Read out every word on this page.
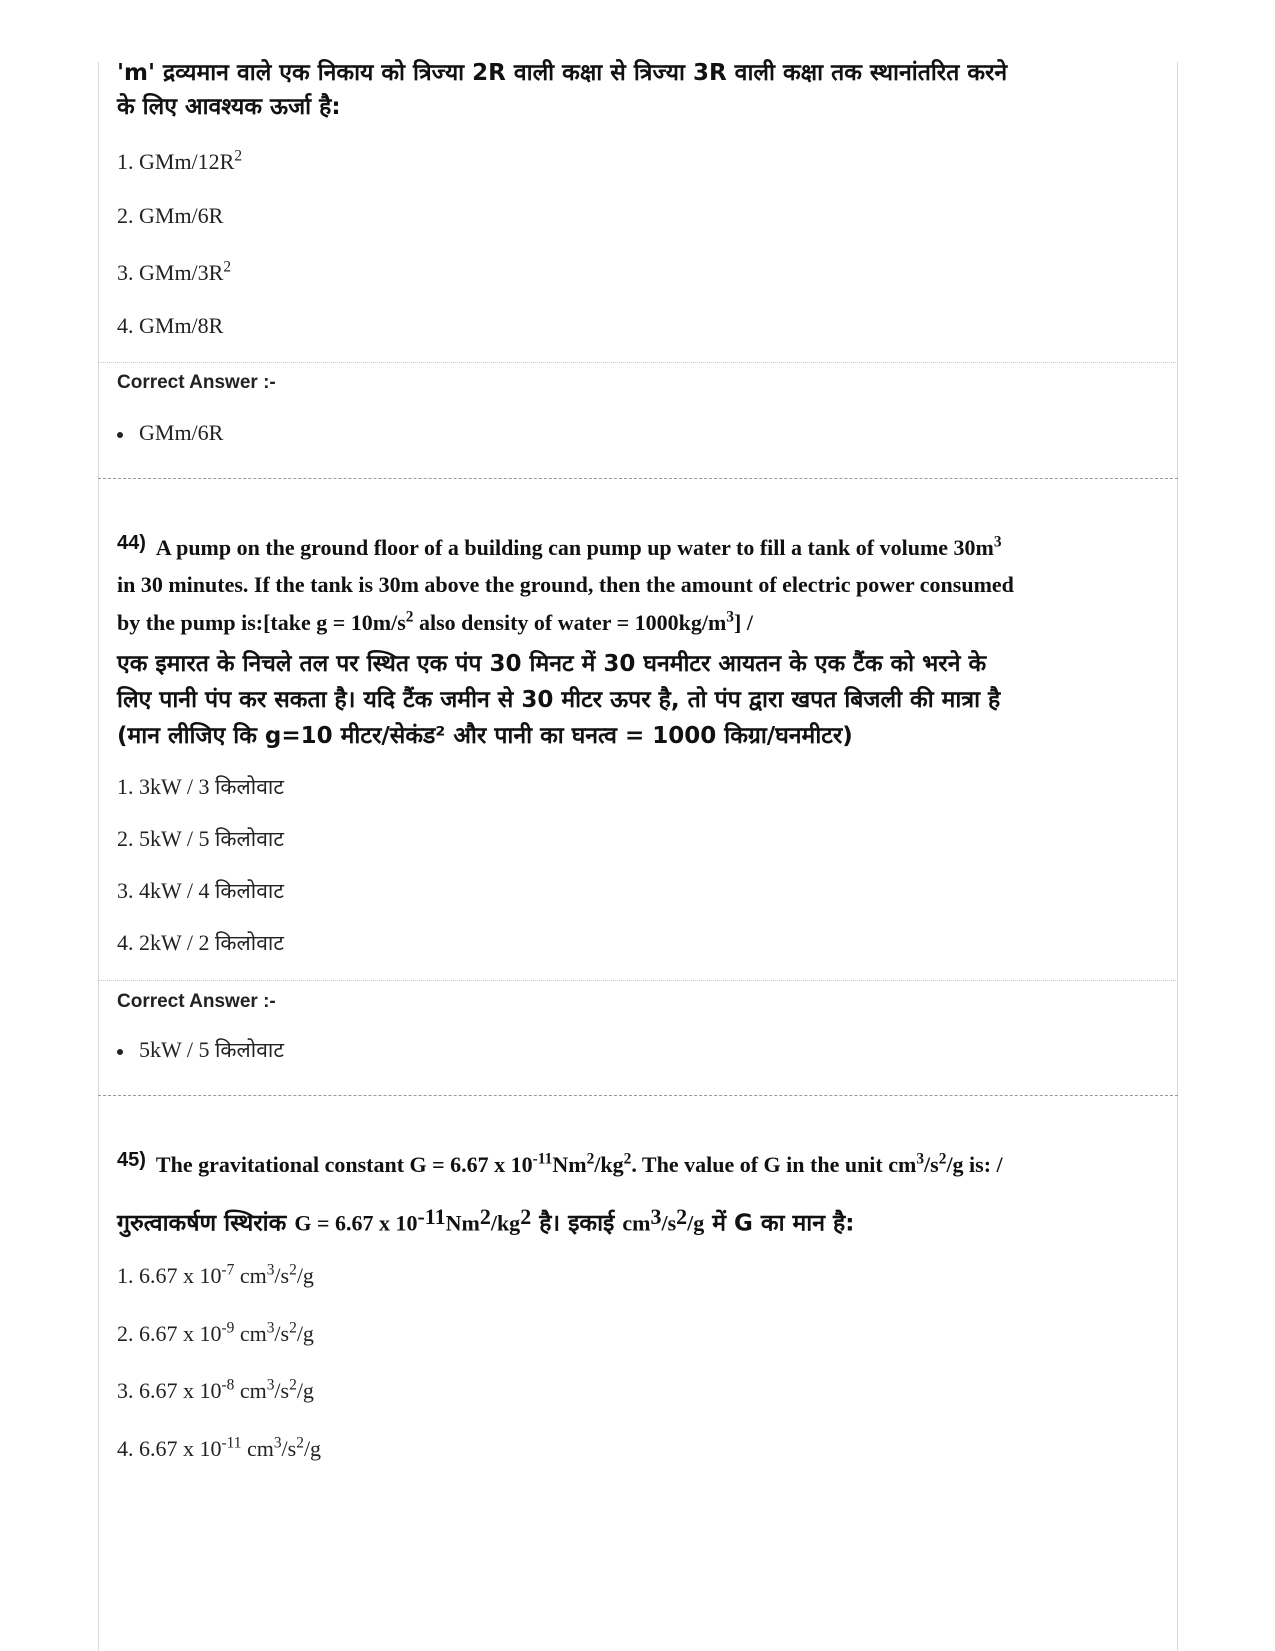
'm' द्रव्यमान वाले एक निकाय को त्रिज्या 2R वाली कक्षा से त्रिज्या 3R वाली कक्षा तक स्थानांतरित करने
के लिए आवश्यक ऊर्जा है:
1. GMm/$12R^2$
2. GMm/6R
3. GMm/$3R^2$
4. GMm/8R
Correct Answer :-
GMm/6R
44) A pump on the ground floor of a building can pump up water to fill a tank of volume $30m^3$
in 30 minutes. If the tank is 30m above the ground, then the amount of electric power consumed
by the pump is:[take $g = 10m/s^2$ also density of water = $1000kg/m^3$] /
एक इमारत के निचले तल पर स्थित एक पंप 30 मिनट में 30 घनमीटर आयतन के एक टैंक को भरने के
लिए पानी पंप कर सकता है। यदि टैंक जमीन से 30 मीटर ऊपर है, तो पंप द्वारा खपत बिजली की मात्रा है
(मान लीजिए कि g=10 मीटर/सेकंड² और पानी का घनत्व = 1000 किग्रा/घनमीटर)
1. 3kW / 3 किलोवाट
2. 5kW / 5 किलोवाट
3. 4kW / 4 किलोवाट
4. 2kW / 2 किलोवाट
Correct Answer :-
5kW / 5 किलोवाट
45) The gravitational constant G = 6.67 x $10^{-11}Nm^2/kg^2$. The value of G in the unit $cm^3/s^2/g$ is: /
गुरुत्वाकर्षण स्थिरांक G = 6.67 x $10^{-11}Nm^2/kg^2$ है। इकाई $cm^3/s^2/g$ में G का मान है:
1. 6.67 x $10^{-7}$ $cm^3/s^2/g$
2. 6.67 x $10^{-9}$ $cm^3/s^2/g$
3. 6.67 x $10^{-8}$ $cm^3/s^2/g$
4. 6.67 x $10^{-11}$ $cm^3/s^2/g$
